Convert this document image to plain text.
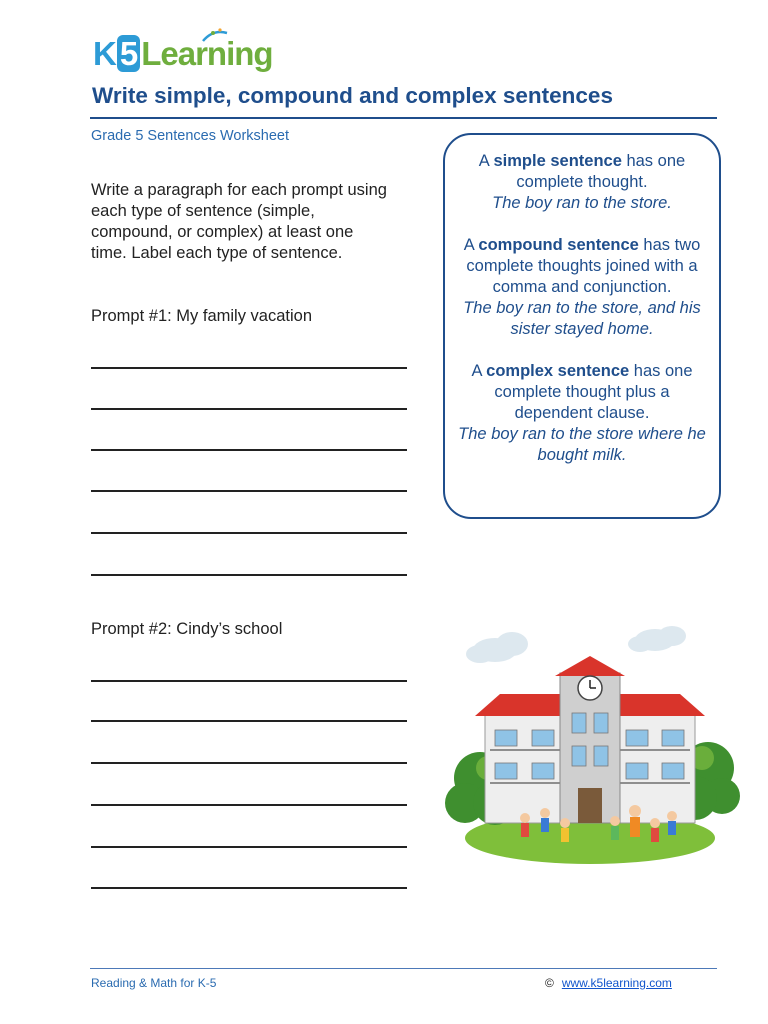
K 5 Learning
Write simple, compound and complex sentences
Grade 5 Sentences Worksheet
Write a paragraph for each prompt using each type of sentence (simple, compound, or complex) at least one time. Label each type of sentence.
Prompt #1: My family vacation
Prompt #2: Cindy’s school
A simple sentence has one complete thought.
The boy ran to the store.
A compound sentence has two complete thoughts joined with a comma and conjunction.
The boy ran to the store, and his sister stayed home.
A complex sentence has one complete thought plus a dependent clause.
The boy ran to the store where he bought milk.
Reading & Math for K-5	© www.k5learning.com
